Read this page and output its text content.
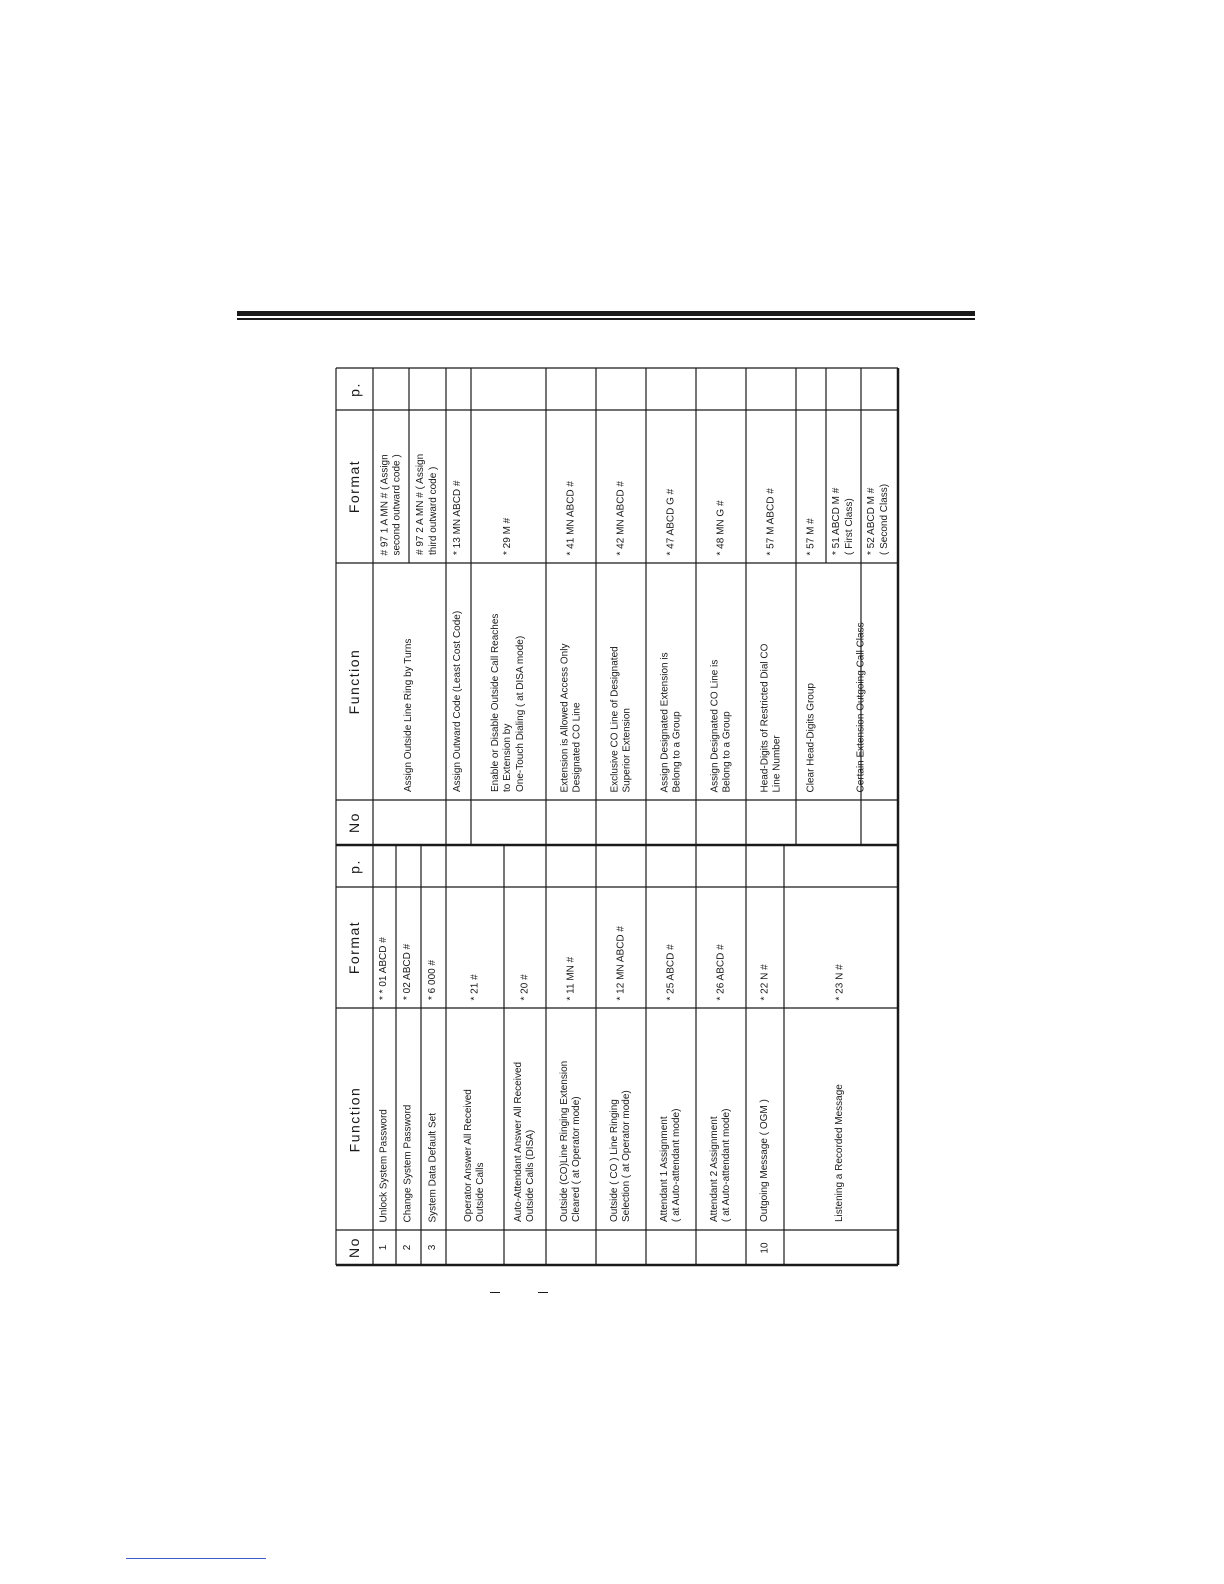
No
Function
Format
p.
No
Function
Format
p.
1
Unlock System Password
* * 01 ABCD #
2
Change System Password
* 02 ABCD #
3
System Data Default Set
* 6 000 #
Operator Answer All Received
Outside Calls
* 21 #
Auto-Attendant Answer All Received
Outside Calls (DISA)
* 20 #
Outside (CO)Line Ringing Extension
Cleared ( at Operator mode)
* 11 MN #
Outside ( CO ) Line Ringing
Selection ( at Operator mode)
* 12 MN ABCD #
Attendant 1 Assignment
( at Auto-attendant mode)
* 25 ABCD #
Attendant 2 Assignment
( at Auto-attendant mode)
* 26 ABCD #
10
Outgoing Message ( OGM )
* 22 N #
Listening a Recorded Message
* 23 N #
Assign Outside Line Ring by Turns
# 97 1 A MN # ( Assign
second outward code )
# 97 2 A MN # ( Assign
third outward code )
Assign Outward Code (Least Cost Code)
* 13 MN ABCD #
Enable or Disable Outside Call Reaches
to Extension by
One-Touch Dialing ( at DISA mode)
* 29 M #
Extension is Allowed Access Only
Designated CO Line
* 41 MN ABCD #
Exclusive CO Line of Designated
Superior Extension
* 42 MN ABCD #
Assign Designated Extension is
Belong to a Group
* 47 ABCD G #
Assign Designated CO Line is
Belong to a Group
* 48 MN G #
Head-Digits of Restricted Dial CO
Line Number
* 57 M ABCD #
Clear Head-Digits Group
* 57 M #
Certain Extension Outgoing Call Class
* 51 ABCD M #
( First Class)
* 52 ABCD M #
( Second Class)
